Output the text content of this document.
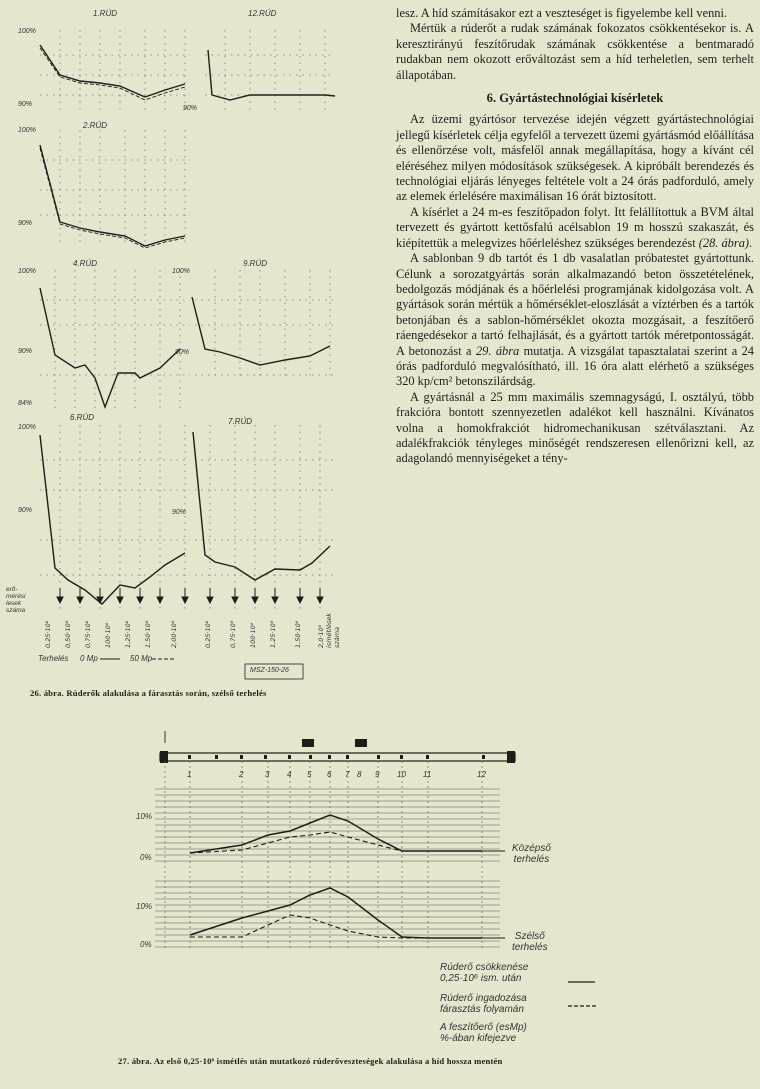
lesz. A híd számításakor ezt a veszteséget is figyelembe kell venni.

Mértük a rúderőt a rudak számának fokozatos csökkentésekor is. A keresztirányú feszítőrudak számának csökkentése a bentmaradó rudakban nem okozott erőváltozást sem a híd terheletlen, sem terhelt állapotában.

6. Gyártástechnológiai kísérletek

Az üzemi gyártósor tervezése idején végzett gyártástechnológiai jellegű kísérletek célja egyfelől a tervezett üzemi gyártásmód előállítása és ellenőrzése volt, másfelől annak megállapítása, hogy a kívánt cél eléréséhez milyen módosítások szükségesek. A kipróbált berendezés és technológiai eljárás lényeges feltétele volt a 24 órás padforduló, amely az elemek érlelésére maximálisan 16 órát biztosított.

A kísérlet a 24 m-es feszítőpadon folyt. Itt felállítottuk a BVM által tervezett és gyártott kettősfalú acélsablon 19 m hosszú szakaszát, és kiépítettük a melegvizes hőérleléshez szükséges berendezést (28. ábra).

A sablonban 9 db tartót és 1 db vasalatlan próbatestet gyártottunk. Célunk a sorozatgyártás során alkalmazandó beton összetételének, bedolgozás módjának és a hőérlelési programjának kidolgozása volt. A gyártások során mértük a hőmérséklet-eloszlását a víztérben és a tartók betonjában és a sablon-hőmérséklet okozta mozgásait, a feszítőerő ráengedésekor a tartó felhajlását, és a gyártott tartók méretpontosságát. A betonozást a 29. ábra mutatja. A vizsgálat tapasztalatai szerint a 24 órás padforduló megvalósítható, ill. 16 óra alatt elérhető a szükséges 320 kp/cm² betonszilárdság.

A gyártásnál a 25 mm maximális szemnagyságú, I. osztályú, több frakcióra bontott szennyezetlen adalékot kell használni. Kívánatos volna a homokfrakciót hidromechanikusan szétválasztani. Az adalékfrakciók tényleges minőségét rendszeresen ellenőrizni kell, az adagolandó mennyiségeket a tény-

1.RÚD	12.RÚD
2.RÚD
4.RÚD	9.RÚD
6.RÚD	7.RÚD
100%
90%
90%
100%
90%
100%
90%
84%
100%
90%
100%
90%	90%
erő-
mérési
lesek
száma
0,25·10⁶ 0,50·10⁶ 0,75·10⁶ 100·10⁶ 1,25·10⁶ 1,50·10⁶	2,00·10⁶	0,25·10⁶	0,75·10⁶ 100·10⁶ 1,25·10⁶	1,50·10⁶ 2,0·10⁶ ismétlések száma
Terhelés 0 Mp	50 Mp
MSZ-150-26
26. ábra. Rúderők alakulása a fárasztás során, szélső terhelés
1	2	3 4 5 6 7 8 9 10 11	12
10%
0%
10%
0%
Középső
terhelés
Szélső
terhelés
Rúderő csökkenése
0,25·10⁶ ism. után
Rúderő ingadozása
fárasztás folyamán
A feszítőerő (esMp)
%-ában kifejezve
27. ábra. Az első 0,25·10⁶ ismétlés után mutatkozó rúderőveszteségek alakulása a híd hossza mentén
